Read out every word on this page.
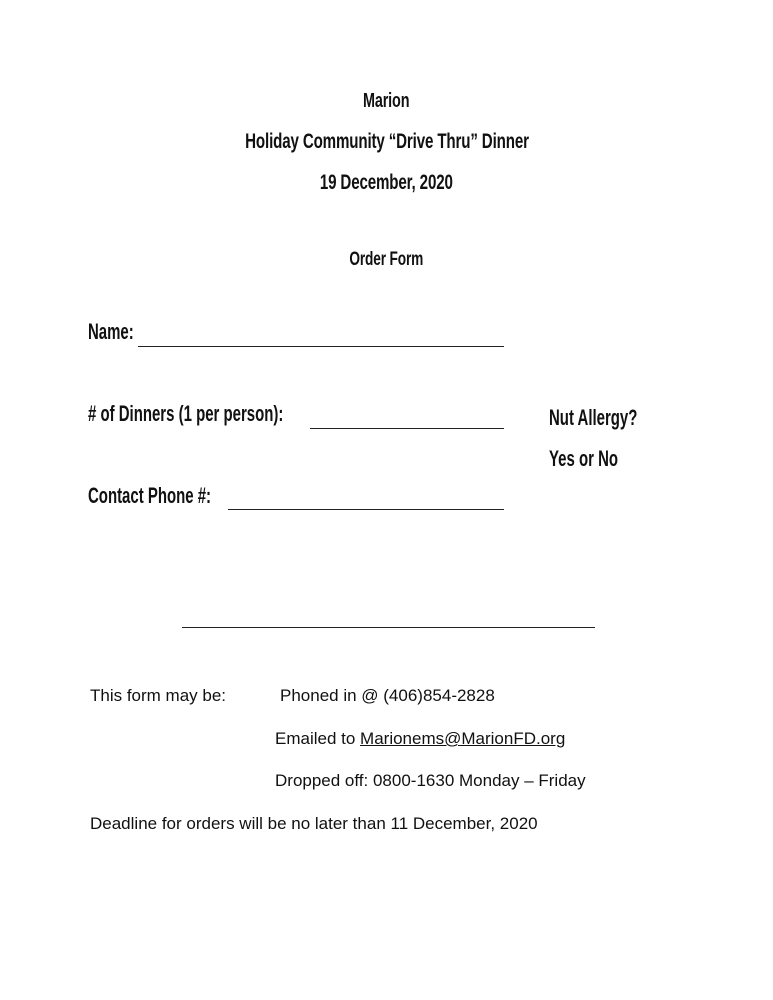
Marion
Holiday Community “Drive Thru” Dinner
19 December, 2020
Order Form
Name:
# of Dinners (1 per person):	Nut Allergy?
Yes or No
Contact Phone #:
This form may be:	Phoned in @ (406)854-2828
Emailed to Marionems@MarionFD.org
Dropped off: 0800-1630 Monday – Friday
Deadline for orders will be no later than 11 December, 2020
